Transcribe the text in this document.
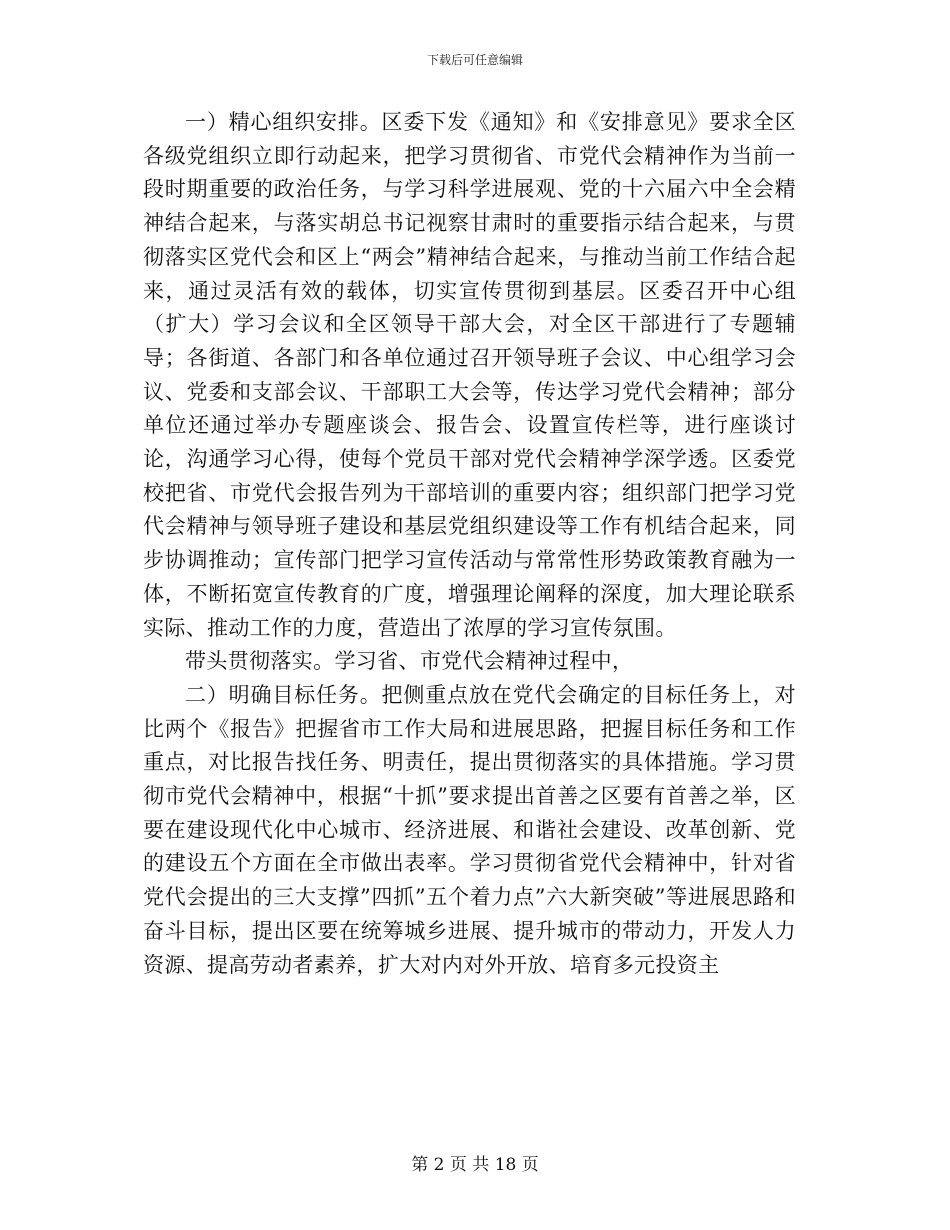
下载后可任意编辑

一）精心组织安排。区委下发《通知》和《安排意见》要求全区各级党组织立即行动起来，把学习贯彻省、市党代会精神作为当前一段时期重要的政治任务，与学习科学进展观、党的十六届六中全会精神结合起来，与落实胡总书记视察甘肃时的重要指示结合起来，与贯彻落实区党代会和区上“两会”精神结合起来，与推动当前工作结合起来，通过灵活有效的载体，切实宣传贯彻到基层。区委召开中心组（扩大）学习会议和全区领导干部大会，对全区干部进行了专题辅导；各街道、各部门和各单位通过召开领导班子会议、中心组学习会议、党委和支部会议、干部职工大会等，传达学习党代会精神；部分单位还通过举办专题座谈会、报告会、设置宣传栏等，进行座谈讨论，沟通学习心得，使每个党员干部对党代会精神学深学透。区委党校把省、市党代会报告列为干部培训的重要内容；组织部门把学习党代会精神与领导班子建设和基层党组织建设等工作有机结合起来，同步协调推动；宣传部门把学习宣传活动与常常性形势政策教育融为一体，不断拓宽宣传教育的广度，增强理论阐释的深度，加大理论联系实际、推动工作的力度，营造出了浓厚的学习宣传氛围。

带头贯彻落实。学习省、市党代会精神过程中，

二）明确目标任务。把侧重点放在党代会确定的目标任务上，对比两个《报告》把握省市工作大局和进展思路，把握目标任务和工作重点，对比报告找任务、明责任，提出贯彻落实的具体措施。学习贯彻市党代会精神中，根据“十抓”要求提出首善之区要有首善之举，区要在建设现代化中心城市、经济进展、和谐社会建设、改革创新、党的建设五个方面在全市做出表率。学习贯彻省党代会精神中，针对省党代会提出的三大支撑”四抓”五个着力点”六大新突破”等进展思路和奋斗目标，提出区要在统筹城乡进展、提升城市的带动力，开发人力资源、提高劳动者素养，扩大对内对外开放、培育多元投资主

第 2 页 共 18 页
